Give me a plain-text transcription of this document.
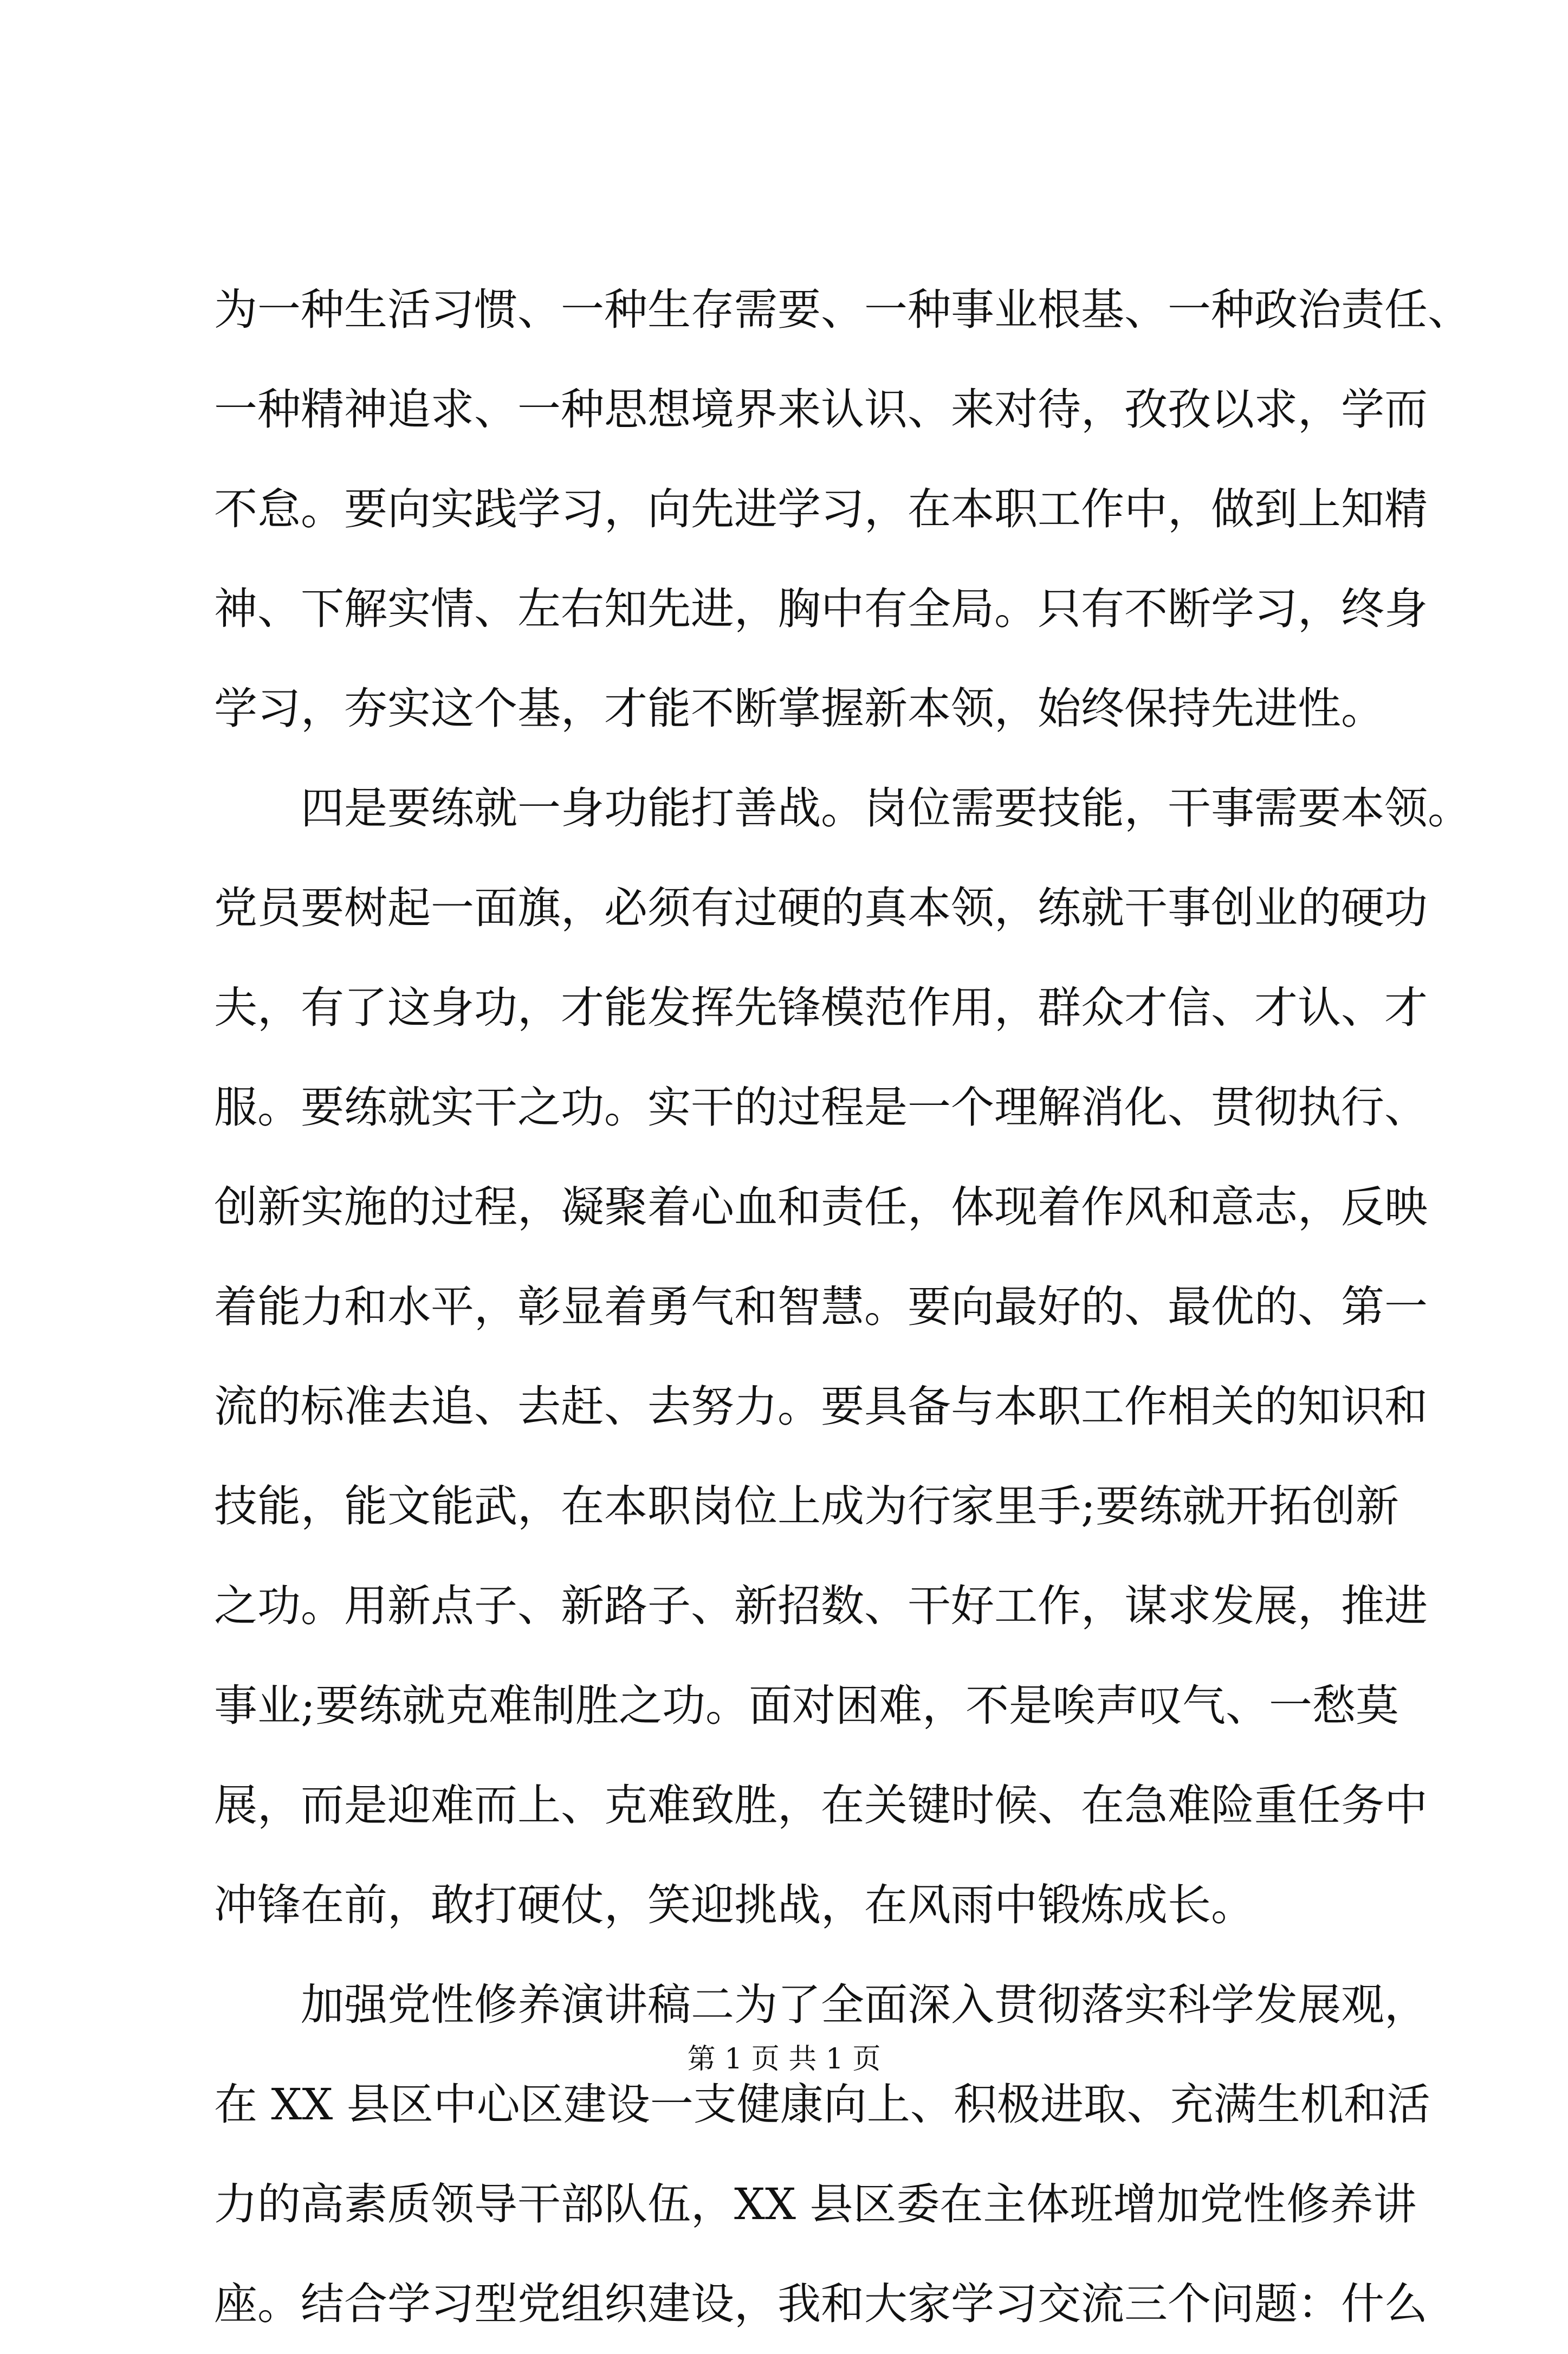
为一种生活习惯、一种生存需要、一种事业根基、一种政治责任、
一种精神追求、一种思想境界来认识、来对待，孜孜以求，学而
不怠。要向实践学习，向先进学习，在本职工作中，做到上知精
神、下解实情、左右知先进，胸中有全局。只有不断学习，终身
学习，夯实这个基，才能不断掌握新本领，始终保持先进性。
四是要练就一身功能打善战。岗位需要技能，干事需要本领。
党员要树起一面旗，必须有过硬的真本领，练就干事创业的硬功
夫，有了这身功，才能发挥先锋模范作用，群众才信、才认、才
服。要练就实干之功。实干的过程是一个理解消化、贯彻执行、
创新实施的过程，凝聚着心血和责任，体现着作风和意志，反映
着能力和水平，彰显着勇气和智慧。要向最好的、最优的、第一
流的标准去追、去赶、去努力。要具备与本职工作相关的知识和
技能，能文能武，在本职岗位上成为行家里手;要练就开拓创新
之功。用新点子、新路子、新招数、干好工作，谋求发展，推进
事业;要练就克难制胜之功。面对困难，不是唉声叹气、一愁莫
展，而是迎难而上、克难致胜，在关键时候、在急难险重任务中
冲锋在前，敢打硬仗，笑迎挑战，在风雨中锻炼成长。
加强党性修养演讲稿二为了全面深入贯彻落实科学发展观，
在 XX 县区中心区建设一支健康向上、积极进取、充满生机和活
力的高素质领导干部队伍，XX 县区委在主体班增加党性修养讲
座。结合学习型党组织建设，我和大家学习交流三个问题：什么
第 1 页 共 1 页
